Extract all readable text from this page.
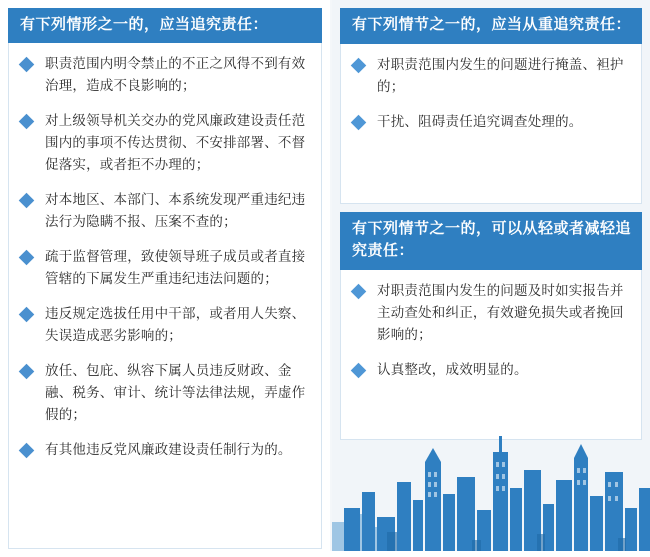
有下列情形之一的，应当追究责任：
职责范围内明令禁止的不正之风得不到有效治理，造成不良影响的；
对上级领导机关交办的党风廉政建设责任范围内的事项不传达贯彻、不安排部署、不督促落实，或者拒不办理的；
对本地区、本部门、本系统发现严重违纪违法行为隐瞒不报、压案不查的；
疏于监督管理，致使领导班子成员或者直接管辖的下属发生严重违纪违法问题的；
违反规定选拔任用中干部，或者用人失察、失误造成恶劣影响的；
放任、包庇、纵容下属人员违反财政、金融、税务、审计、统计等法律法规，弄虚作假的；
有其他违反党风廉政建设责任制行为的。
有下列情节之一的，应当从重追究责任：
对职责范围内发生的问题进行掩盖、袒护的；
干扰、阻碍责任追究调查处理的。
有下列情节之一的，可以从轻或者减轻追究责任：
对职责范围内发生的问题及时如实报告并主动查处和纠正，有效避免损失或者挽回影响的；
认真整改，成效明显的。
